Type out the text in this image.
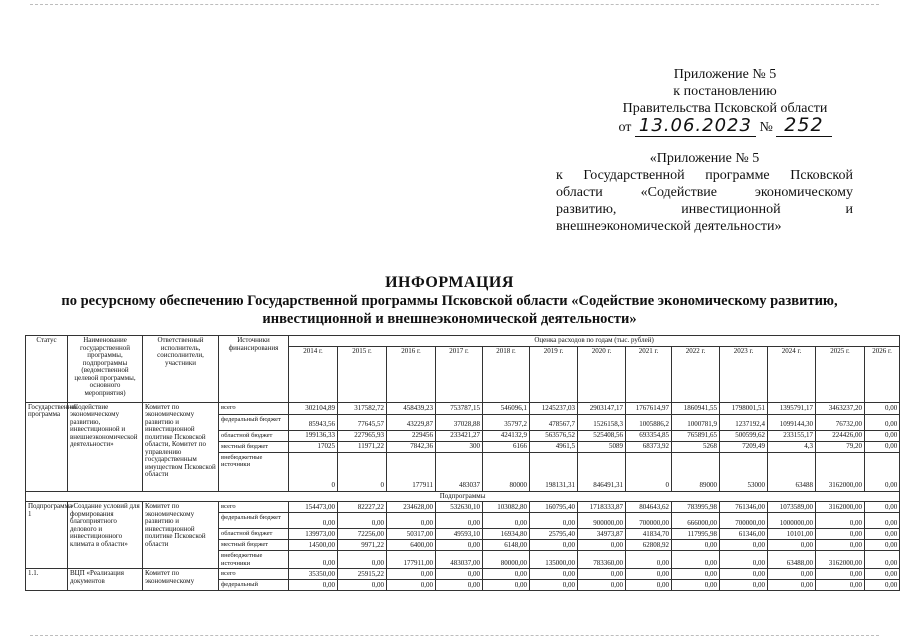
Приложение № 5
к постановлению
Правительства Псковской области
от 13.06.2023 № 252
«Приложение № 5
к Государственной программе Псковской
области «Содействие экономическому
развитию, инвестиционной и
внешнеэкономической деятельности»
ИНФОРМАЦИЯ
по ресурсному обеспечению Государственной программы Псковской области «Содействие экономическому развитию,
инвестиционной и внешнеэкономической деятельности»
Статус	Наименование государственной программы, подпрограммы (ведомственной целевой программы, основного мероприятия)	Ответственный исполнитель, соисполнители, участники	Источники финансирования	Оценка расходов по годам (тыс. рублей)												
				2014 г.	2015 г.	2016 г.	2017 г.	2018 г.	2019 г.	2020 г.	2021 г.	2022 г.	2023 г.	2024 г.	2025 г.	2026 г.
Государственная программа	«Содействие экономическому развитию, инвестиционной и внешнеэкономической деятельности»	Комитет по экономическому развитию и инвестиционной политике Псковской области, Комитет по управлению государственным имуществом Псковской области	всего	302104,89	317582,72	458439,23	753787,15	546096,1	1245237,03	2903147,17	1767614,97	1860941,55	1798001,51	1395791,17	3463237,20	0,00
			федеральный бюджет	85943,56	77645,57	43229,87	37028,88	35797,2	478567,7	1526158,3	1005886,2	1000781,9	1237192,4	1099144,30	76732,00	0,00
			областной бюджет	199136,33	227965,93	229456	233421,27	424132,9	563576,52	525408,56	693354,85	765891,65	500599,62	233155,17	224426,00	0,00
			местный бюджет	17025	11971,22	7842,36	300	6166	4961,5	5089	68373,92	5268	7209,49	4,3	79,20	0,00
			внебюджетные источники	0	0	177911	483037	80000	198131,31	846491,31	0	89000	53000	63488	3162000,00	0,00
Подпрограммы																
Подпрограмма 1	«Создание условий для формирования благоприятного делового и инвестиционного климата в области»	Комитет по экономическому развитию и инвестиционной политике Псковской области	всего	154473,00	82227,22	234628,00	532630,10	103082,80	160795,40	1718333,87	804643,62	783995,98	761346,00	1073589,00	3162000,00	0,00
			федеральный бюджет	0,00	0,00	0,00	0,00	0,00	0,00	900000,00	700000,00	666000,00	700000,00	1000000,00	0,00	0,00
			областной бюджет	139973,00	72256,00	50317,00	49593,10	16934,80	25795,40	34973,87	41834,70	117995,98	61346,00	10101,00	0,00	0,00
			местный бюджет	14500,00	9971,22	6400,00	0,00	6148,00	0,00	0,00	62808,92	0,00	0,00	0,00	0,00	0,00
			внебюджетные источники	0,00	0,00	177911,00	483037,00	80000,00	135000,00	783360,00	0,00	0,00	0,00	63488,00	3162000,00	0,00
1.1.	ВЦП «Реализация документов	Комитет по экономическому	всего	35350,00	25915,22	0,00	0,00	0,00	0,00	0,00	0,00	0,00	0,00	0,00	0,00	0,00
			федеральный	0,00	0,00	0,00	0,00	0,00	0,00	0,00	0,00	0,00	0,00	0,00	0,00	0,00
